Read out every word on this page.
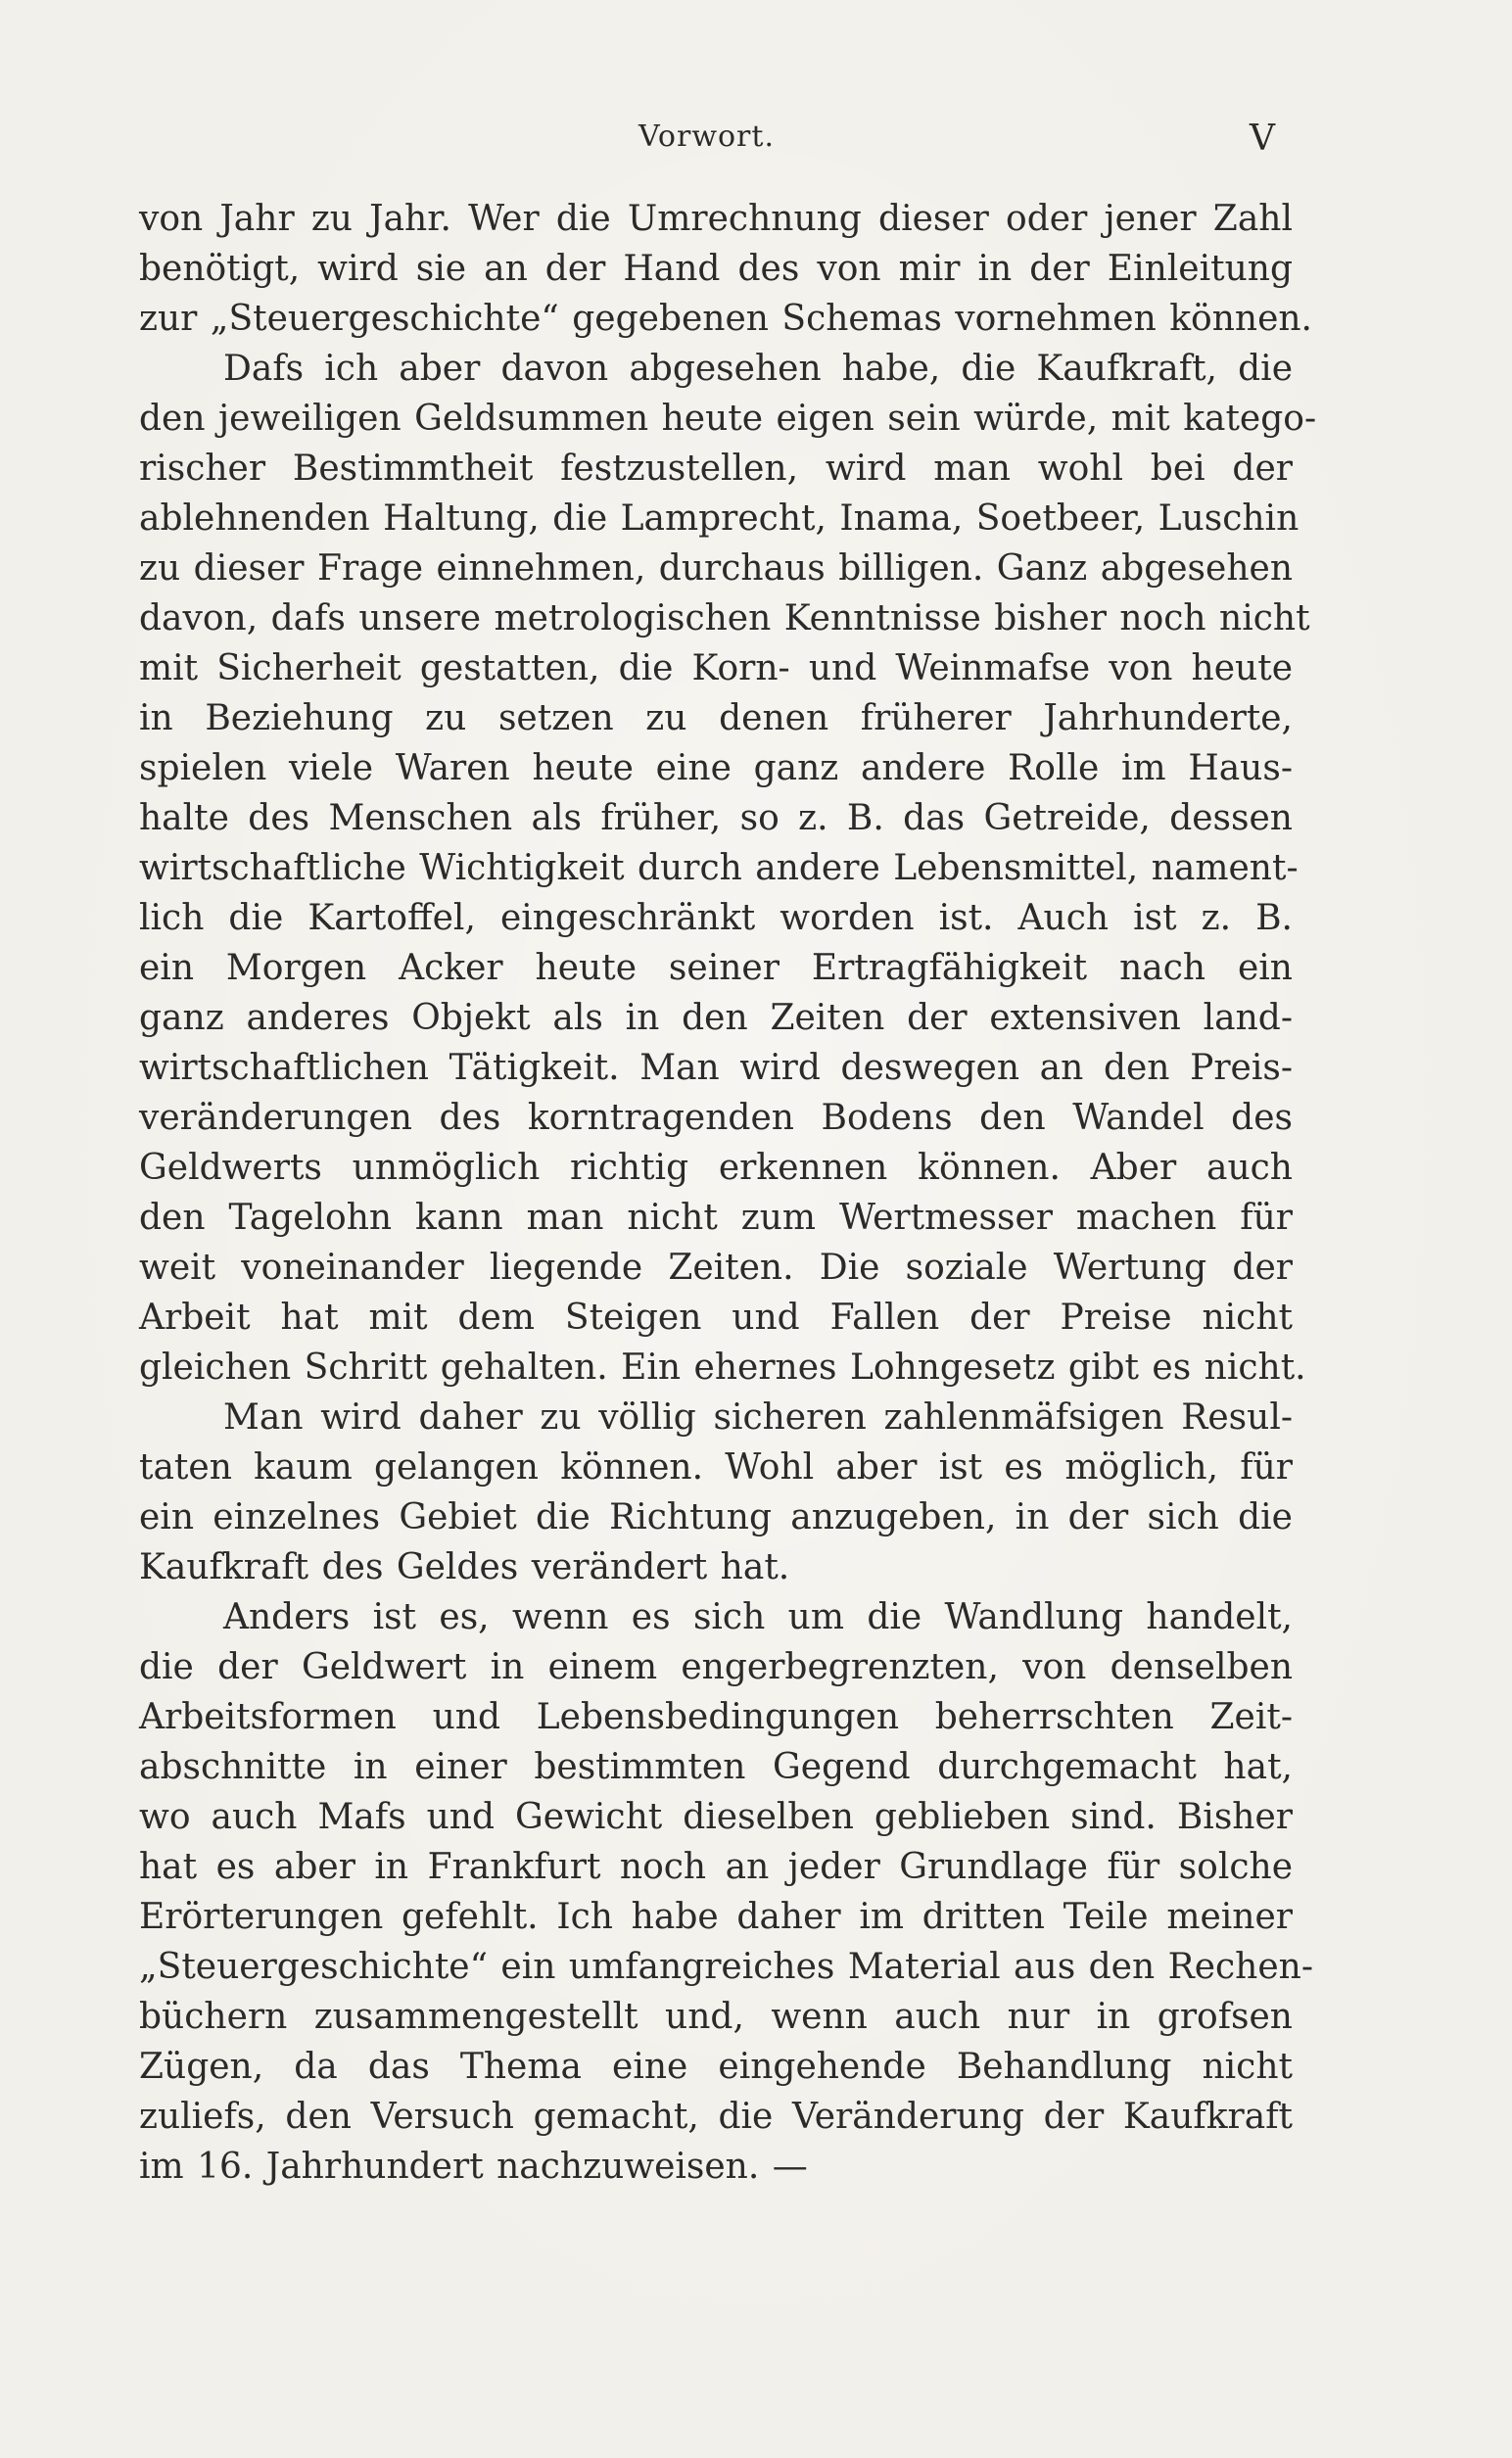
Vorwort.	V
von Jahr zu Jahr. Wer die Umrechnung dieser oder jener Zahl
benötigt, wird sie an der Hand des von mir in der Einleitung
zur „Steuergeschichte“ gegebenen Schemas vornehmen können.
Dafs ich aber davon abgesehen habe, die Kaufkraft, die
den jeweiligen Geldsummen heute eigen sein würde, mit katego-
rischer Bestimmtheit festzustellen, wird man wohl bei der
ablehnenden Haltung, die Lamprecht, Inama, Soetbeer, Luschin
zu dieser Frage einnehmen, durchaus billigen. Ganz abgesehen
davon, dafs unsere metrologischen Kenntnisse bisher noch nicht
mit Sicherheit gestatten, die Korn- und Weinmafse von heute
in Beziehung zu setzen zu denen früherer Jahrhunderte,
spielen viele Waren heute eine ganz andere Rolle im Haus-
halte des Menschen als früher, so z. B. das Getreide, dessen
wirtschaftliche Wichtigkeit durch andere Lebensmittel, nament-
lich die Kartoffel, eingeschränkt worden ist. Auch ist z. B.
ein Morgen Acker heute seiner Ertragfähigkeit nach ein
ganz anderes Objekt als in den Zeiten der extensiven land-
wirtschaftlichen Tätigkeit. Man wird deswegen an den Preis-
veränderungen des korntragenden Bodens den Wandel des
Geldwerts unmöglich richtig erkennen können. Aber auch
den Tagelohn kann man nicht zum Wertmesser machen für
weit voneinander liegende Zeiten. Die soziale Wertung der
Arbeit hat mit dem Steigen und Fallen der Preise nicht
gleichen Schritt gehalten. Ein ehernes Lohngesetz gibt es nicht.
Man wird daher zu völlig sicheren zahlenmäfsigen Resul-
taten kaum gelangen können. Wohl aber ist es möglich, für
ein einzelnes Gebiet die Richtung anzugeben, in der sich die
Kaufkraft des Geldes verändert hat.
Anders ist es, wenn es sich um die Wandlung handelt,
die der Geldwert in einem engerbegrenzten, von denselben
Arbeitsformen und Lebensbedingungen beherrschten Zeit-
abschnitte in einer bestimmten Gegend durchgemacht hat,
wo auch Mafs und Gewicht dieselben geblieben sind. Bisher
hat es aber in Frankfurt noch an jeder Grundlage für solche
Erörterungen gefehlt. Ich habe daher im dritten Teile meiner
„Steuergeschichte“ ein umfangreiches Material aus den Rechen-
büchern zusammengestellt und, wenn auch nur in grofsen
Zügen, da das Thema eine eingehende Behandlung nicht
zuliefs, den Versuch gemacht, die Veränderung der Kaufkraft
im 16. Jahrhundert nachzuweisen. —
